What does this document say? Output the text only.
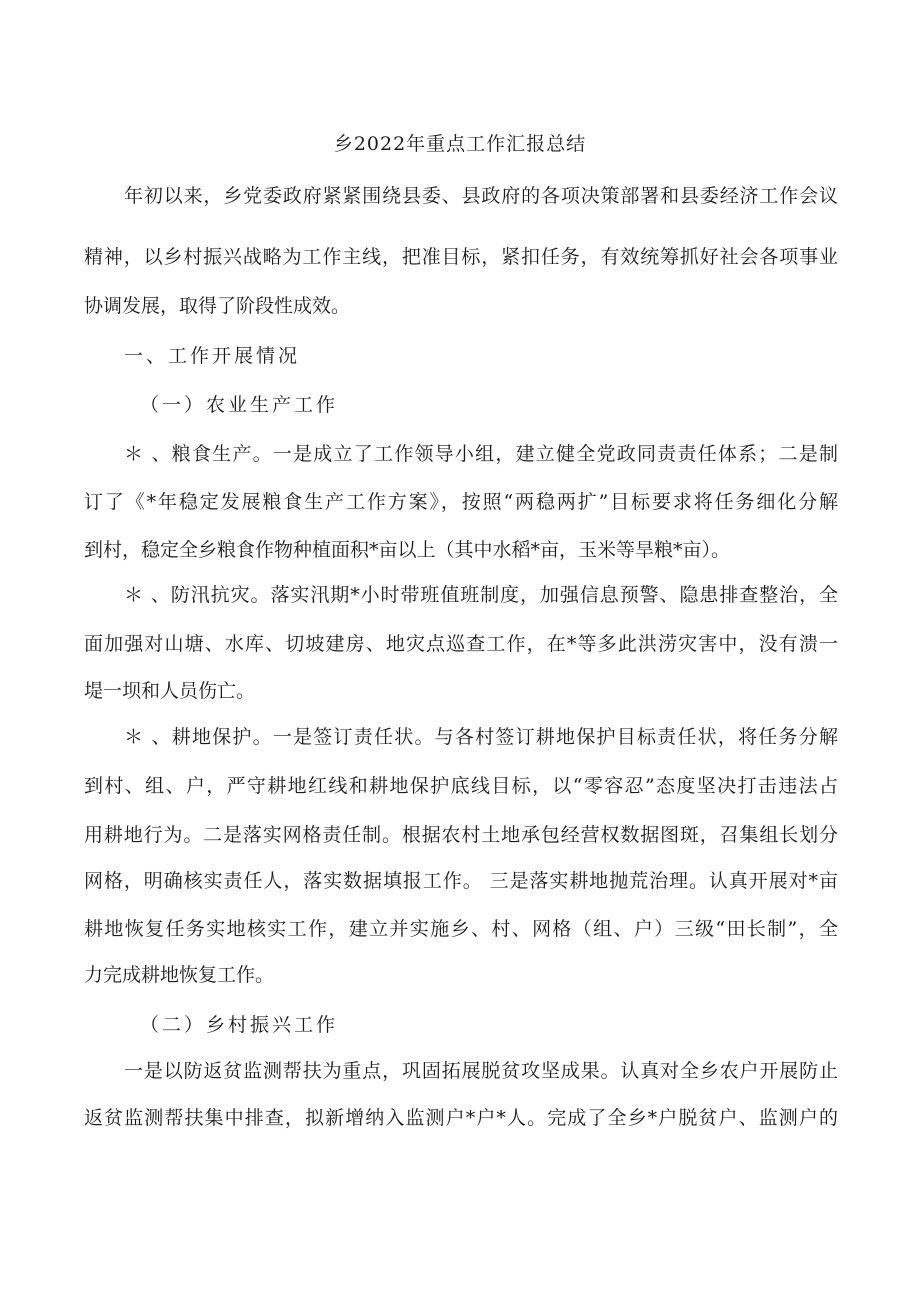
乡2022年重点工作汇报总结
年初以来，乡党委政府紧紧围绕县委、县政府的各项决策部署和县委经济工作会议
精神，以乡村振兴战略为工作主线，把准目标，紧扣任务，有效统筹抓好社会各项事业
协调发展，取得了阶段性成效。
一、工作开展情况
（一）农业生产工作
＊ 、粮食生产。一是成立了工作领导小组，建立健全党政同责责任体系；二是制
订了《*年稳定发展粮食生产工作方案》，按照“两稳两扩”目标要求将任务细化分解
到村，稳定全乡粮食作物种植面积*亩以上（其中水稻*亩，玉米等旱粮*亩）。
＊ 、防汛抗灾。落实汛期*小时带班值班制度，加强信息预警、隐患排查整治，全
面加强对山塘、水库、切坡建房、地灾点巡查工作，在*等多此洪涝灾害中，没有溃一
堤一坝和人员伤亡。
＊ 、耕地保护。一是签订责任状。与各村签订耕地保护目标责任状，将任务分解
到村、组、户，严守耕地红线和耕地保护底线目标，以“零容忍”态度坚决打击违法占
用耕地行为。二是落实网格责任制。根据农村土地承包经营权数据图斑，召集组长划分
网格，明确核实责任人，落实数据填报工作。 三是落实耕地抛荒治理。认真开展对*亩
耕地恢复任务实地核实工作，建立并实施乡、村、网格（组、户）三级“田长制”，全
力完成耕地恢复工作。
（二）乡村振兴工作
一是以防返贫监测帮扶为重点，巩固拓展脱贫攻坚成果。认真对全乡农户开展防止
返贫监测帮扶集中排查，拟新增纳入监测户*户*人。完成了全乡*户脱贫户、监测户的
